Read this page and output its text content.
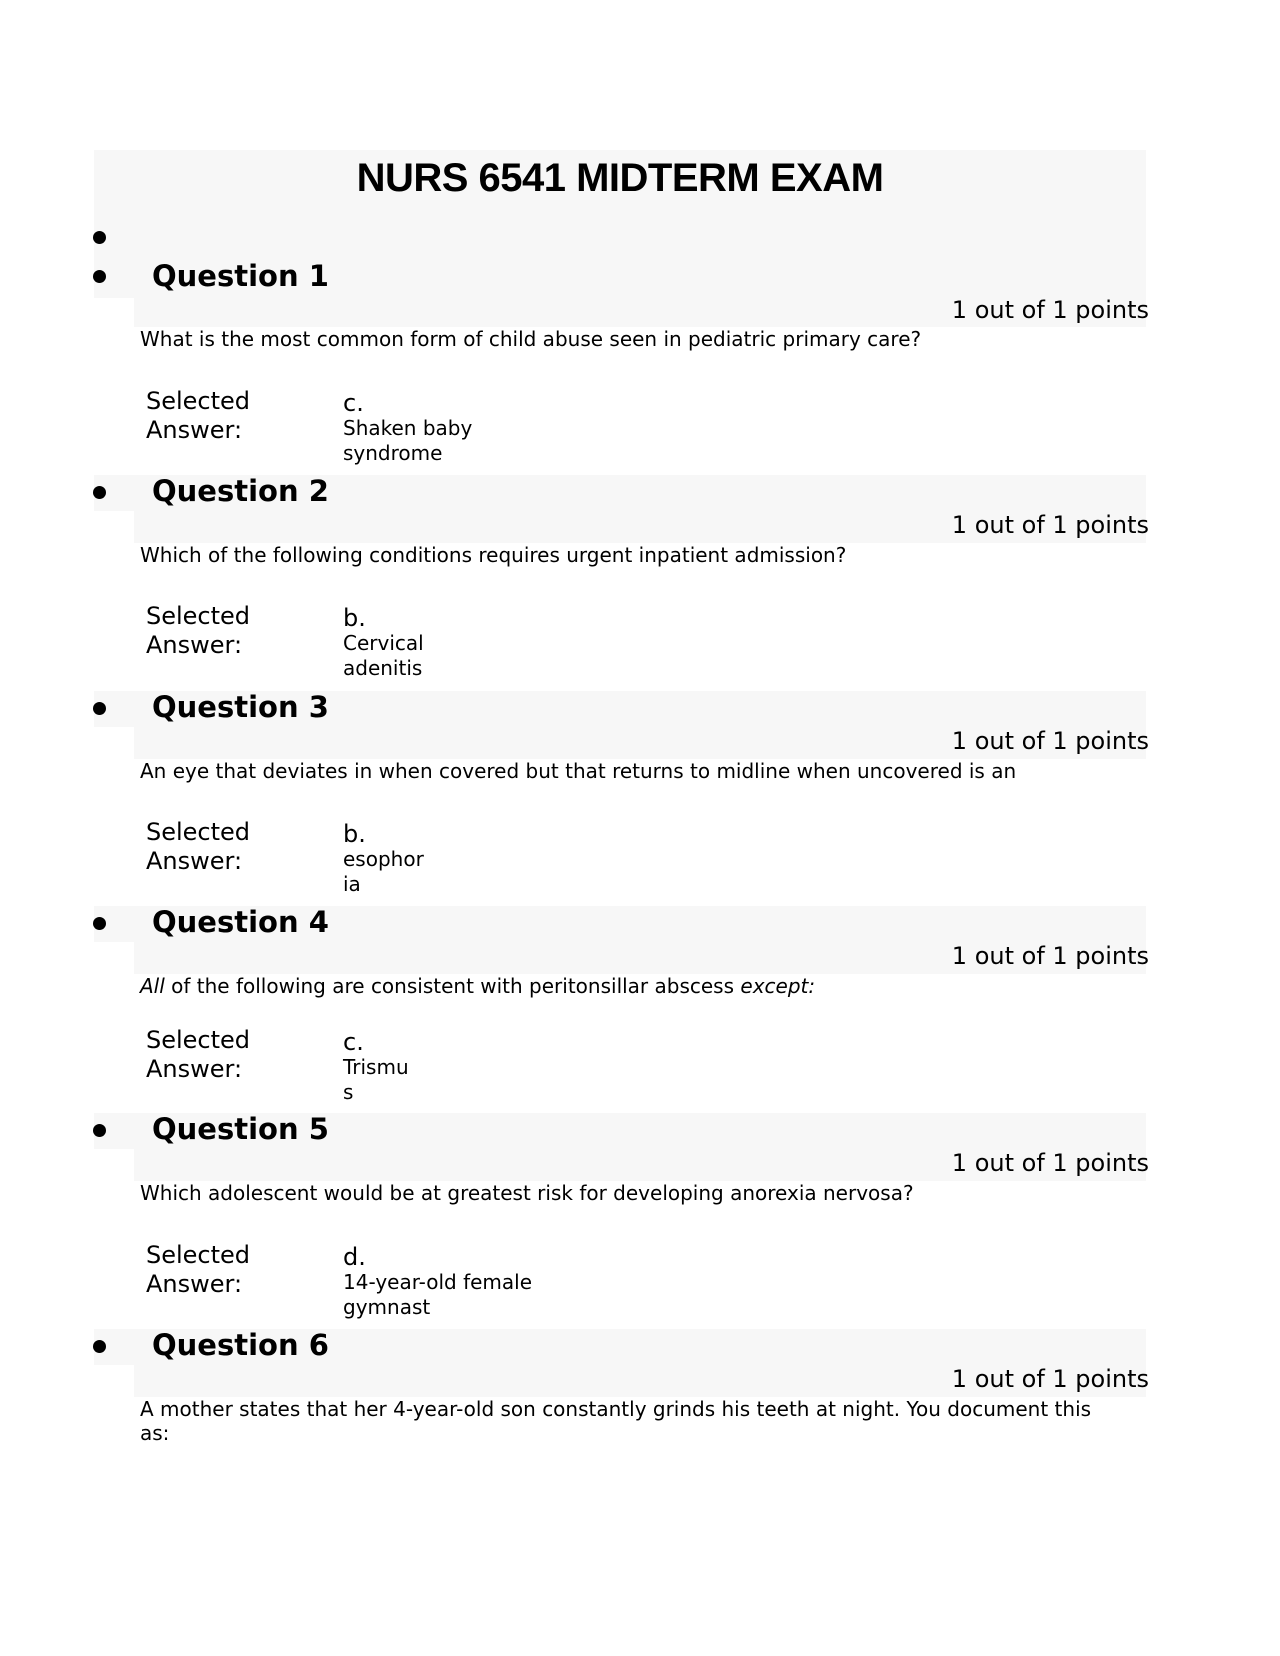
NURS 6541 MIDTERM EXAM
Question 1
1 out of 1 points
What is the most common form of child abuse seen in pediatric primary care?
Selected
Answer:
c.
Shaken baby
syndrome
Question 2
1 out of 1 points
Which of the following conditions requires urgent inpatient admission?
Selected
Answer:
b.
Cervical
adenitis
Question 3
1 out of 1 points
An eye that deviates in when covered but that returns to midline when uncovered is an
Selected
Answer:
b.
esophor
ia
Question 4
1 out of 1 points
All of the following are consistent with peritonsillar abscess except:
Selected
Answer:
c.
Trismu
s
Question 5
1 out of 1 points
Which adolescent would be at greatest risk for developing anorexia nervosa?
Selected
Answer:
d.
14-year-old female
gymnast
Question 6
1 out of 1 points
A mother states that her 4-year-old son constantly grinds his teeth at night. You document this as:
